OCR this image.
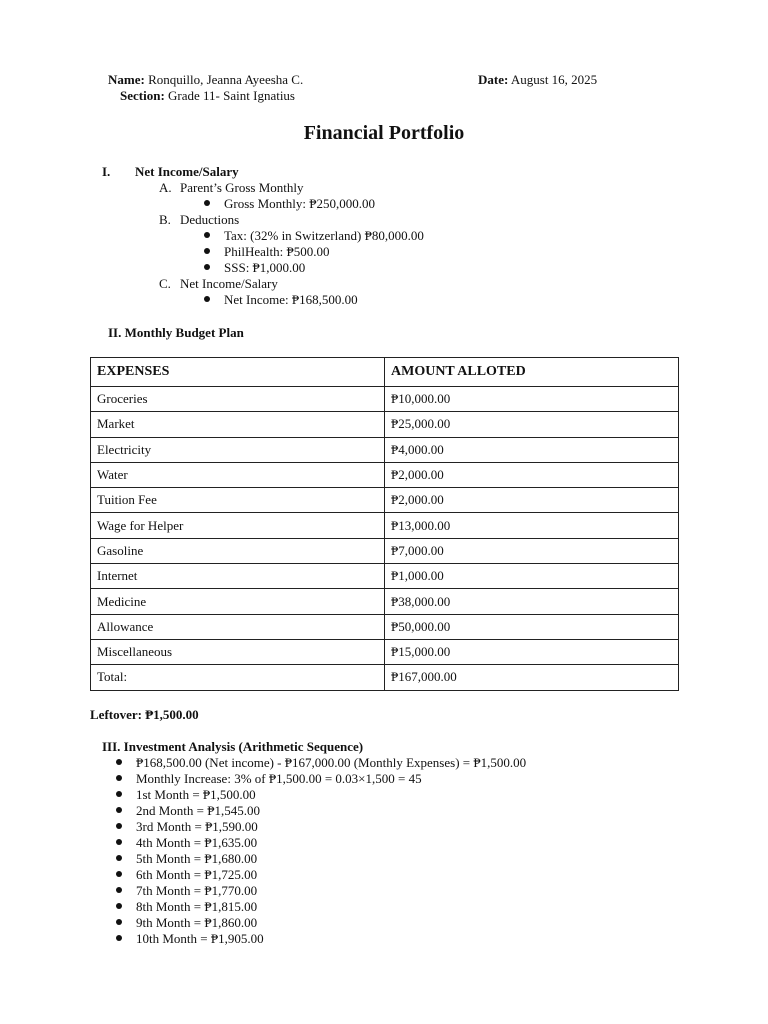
Name: Ronquillo, Jeanna Ayeesha C.	Date: August 16, 2025
Section: Grade 11- Saint Ignatius
Financial Portfolio
I. Net Income/Salary
A. Parent’s Gross Monthly
Gross Monthly: ₱250,000.00
B. Deductions
Tax: (32% in Switzerland) ₱80,000.00
PhilHealth: ₱500.00
SSS: ₱1,000.00
C. Net Income/Salary
Net Income: ₱168,500.00
II. Monthly Budget Plan
EXPENSES	AMOUNT ALLOTED
Groceries	₱10,000.00
Market	₱25,000.00
Electricity	₱4,000.00
Water	₱2,000.00
Tuition Fee	₱2,000.00
Wage for Helper	₱13,000.00
Gasoline	₱7,000.00
Internet	₱1,000.00
Medicine	₱38,000.00
Allowance	₱50,000.00
Miscellaneous	₱15,000.00
Total:	₱167,000.00
Leftover: ₱1,500.00
III. Investment Analysis (Arithmetic Sequence)
₱168,500.00 (Net income) - ₱167,000.00 (Monthly Expenses) = ₱1,500.00
Monthly Increase: 3% of ₱1,500.00 = 0.03×1,500 = 45
1st Month = ₱1,500.00
2nd Month = ₱1,545.00
3rd Month = ₱1,590.00
4th Month = ₱1,635.00
5th Month = ₱1,680.00
6th Month = ₱1,725.00
7th Month = ₱1,770.00
8th Month = ₱1,815.00
9th Month = ₱1,860.00
10th Month = ₱1,905.00
